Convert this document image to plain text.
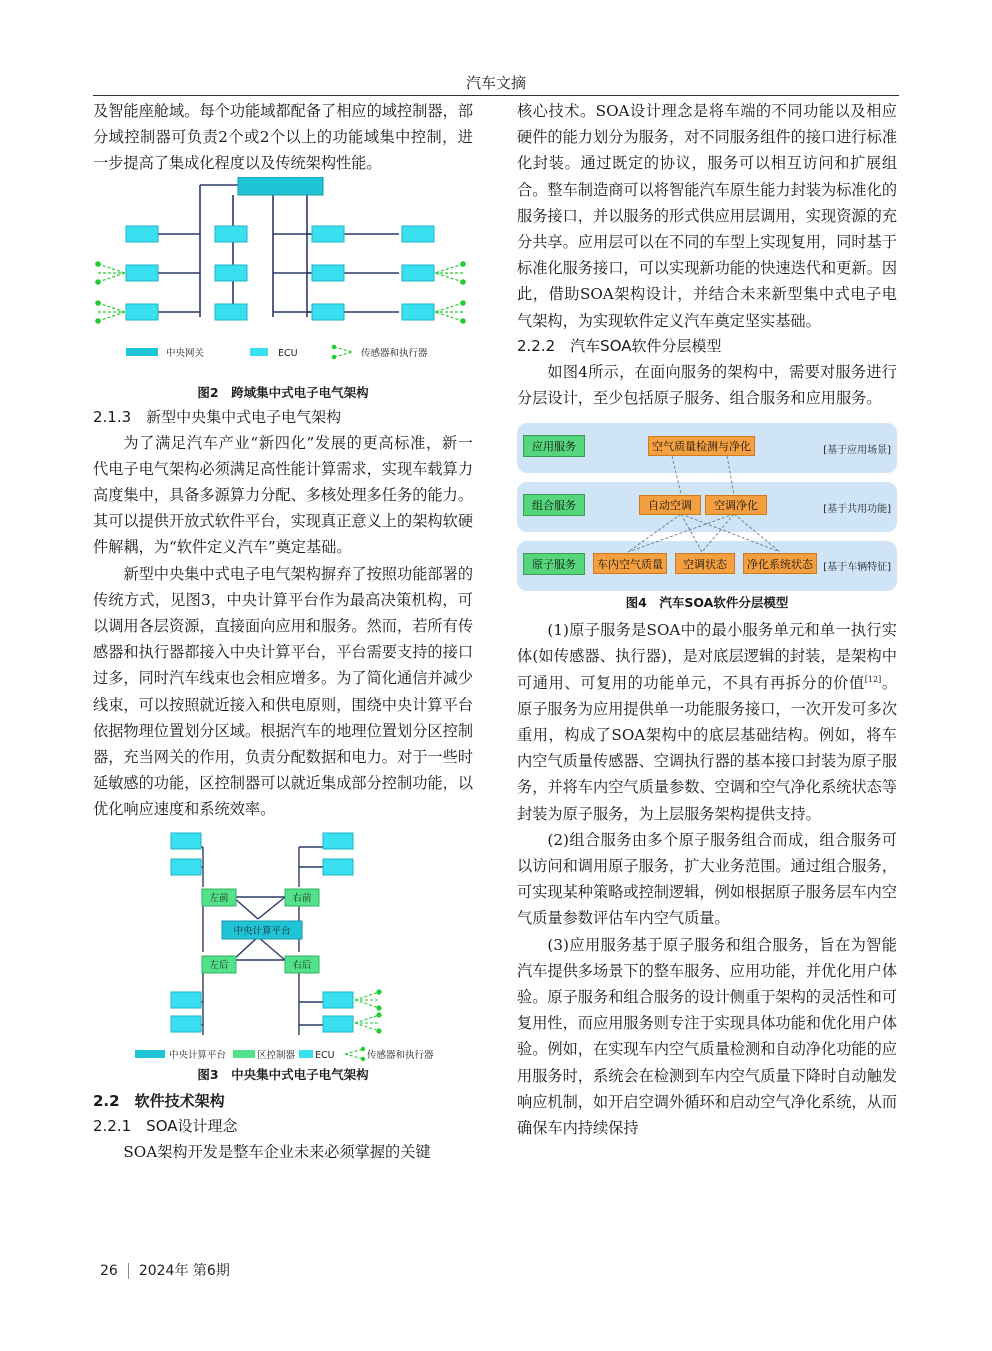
汽车文摘

及智能座舱域。每个功能域都配备了相应的域控制器，部分域控制器可负责2个或2个以上的功能域集中控制，进一步提高了集成化程度以及传统架构性能。

中央网关	ECU	传感器和执行器
图2　跨域集中式电子电气架构
2.1.3　新型中央集中式电子电气架构

为了满足汽车产业“新四化”发展的更高标准，新一代电子电气架构必须满足高性能计算需求，实现车载算力高度集中，具备多源算力分配、多核处理多任务的能力。其可以提供开放式软件平台，实现真正意义上的架构软硬件解耦，为“软件定义汽车”奠定基础。

新型中央集中式电子电气架构摒弃了按照功能部署的传统方式，见图3，中央计算平台作为最高决策机构，可以调用各层资源，直接面向应用和服务。然而，若所有传感器和执行器都接入中央计算平台，平台需要支持的接口过多，同时汽车线束也会相应增多。为了简化通信并减少线束，可以按照就近接入和供电原则，围绕中央计算平台依据物理位置划分区域。根据汽车的地理位置划分区控制器，充当网关的作用，负责分配数据和电力。对于一些时延敏感的功能，区控制器可以就近集成部分控制功能，以优化响应速度和系统效率。

左前	右前
左后	右后
中央计算平台
中央计算平台	区控制器 ECU	传感器和执行器
图3　中央集中式电子电气架构
2.2　软件技术架构
2.2.1　SOA设计理念

SOA架构开发是整车企业未来必须掌握的关键

核心技术。SOA设计理念是将车端的不同功能以及相应硬件的能力划分为服务，对不同服务组件的接口进行标准化封装。通过既定的协议，服务可以相互访问和扩展组合。整车制造商可以将智能汽车原生能力封装为标准化的服务接口，并以服务的形式供应用层调用，实现资源的充分共享。应用层可以在不同的车型上实现复用，同时基于标准化服务接口，可以实现新功能的快速迭代和更新。因此，借助SOA架构设计，并结合未来新型集中式电子电气架构，为实现软件定义汽车奠定坚实基础。

2.2.2　汽车SOA软件分层模型

如图4所示，在面向服务的架构中，需要对服务进行分层设计，至少包括原子服务、组合服务和应用服务。

应用服务	空气质量检测与净化	[基于应用场景]
组合服务	自动空调	空调净化	[基于共用功能]
原子服务	车内空气质量	空调状态	净化系统状态	[基于车辆特征]
图4　汽车SOA软件分层模型

(1)原子服务是SOA中的最小服务单元和单一执行实体(如传感器、执行器)，是对底层逻辑的封装，是架构中可通用、可复用的功能单元，不具有再拆分的价值[12]。原子服务为应用提供单一功能服务接口，一次开发可多次重用，构成了SOA架构中的底层基础结构。例如，将车内空气质量传感器、空调执行器的基本接口封装为原子服务，并将车内空气质量参数、空调和空气净化系统状态等封装为原子服务，为上层服务架构提供支持。

(2)组合服务由多个原子服务组合而成，组合服务可以访问和调用原子服务，扩大业务范围。通过组合服务，可实现某种策略或控制逻辑，例如根据原子服务层车内空气质量参数评估车内空气质量。

(3)应用服务基于原子服务和组合服务，旨在为智能汽车提供多场景下的整车服务、应用功能，并优化用户体验。原子服务和组合服务的设计侧重于架构的灵活性和可复用性，而应用服务则专注于实现具体功能和优化用户体验。例如，在实现车内空气质量检测和自动净化功能的应用服务时，系统会在检测到车内空气质量下降时自动触发响应机制，如开启空调外循环和启动空气净化系统，从而确保车内持续保持

26 2024年 第6期
